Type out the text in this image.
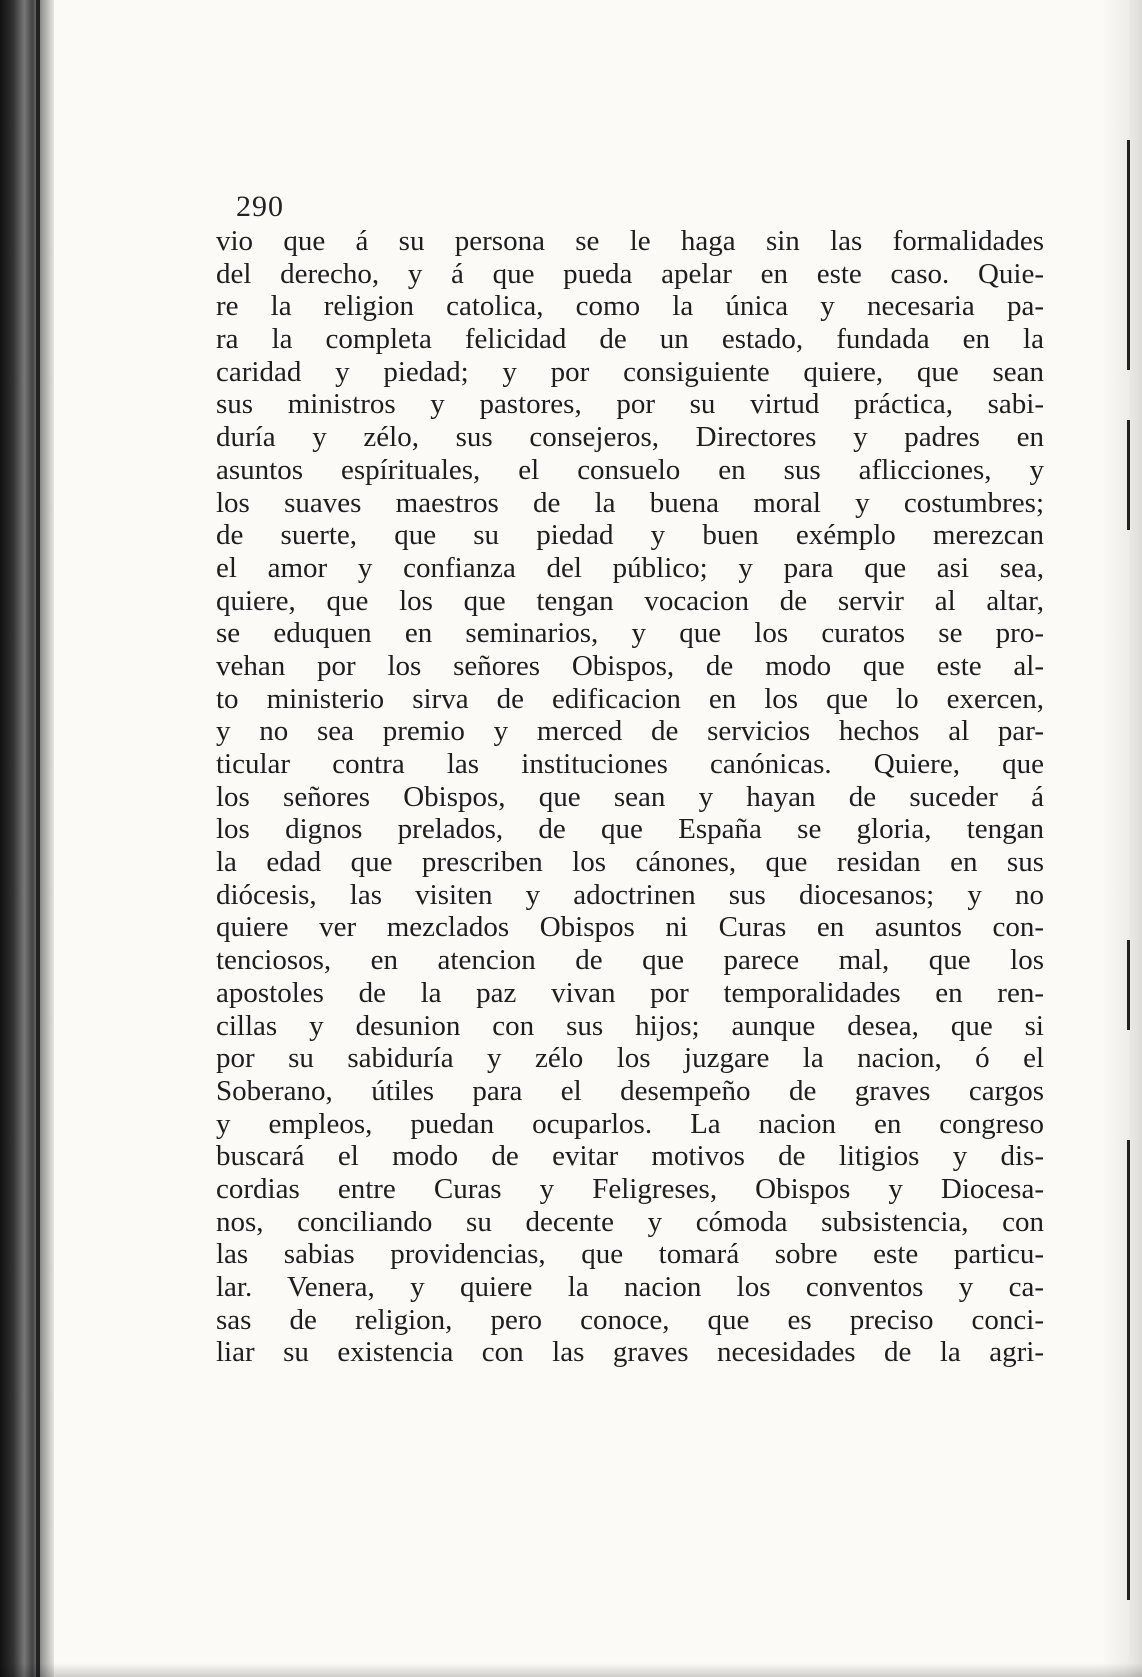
290
vio que á su persona se le haga sin las formalidades
del derecho, y á que pueda apelar en este caso. Quie-
re la religion catolica, como la única y necesaria pa-
ra la completa felicidad de un estado, fundada en la
caridad y piedad; y por consiguiente quiere, que sean
sus ministros y pastores, por su virtud práctica, sabi-
duría y zélo, sus consejeros, Directores y padres en
asuntos espírituales, el consuelo en sus aflicciones, y
los suaves maestros de la buena moral y costumbres;
de suerte, que su piedad y buen exémplo merezcan
el amor y confianza del público; y para que asi sea,
quiere, que los que tengan vocacion de servir al altar,
se eduquen en seminarios, y que los curatos se pro-
vehan por los señores Obispos, de modo que este al-
to ministerio sirva de edificacion en los que lo exercen,
y no sea premio y merced de servicios hechos al par-
ticular contra las instituciones canónicas. Quiere, que
los señores Obispos, que sean y hayan de suceder á
los dignos prelados, de que España se gloria, tengan
la edad que prescriben los cánones, que residan en sus
diócesis, las visiten y adoctrinen sus diocesanos; y no
quiere ver mezclados Obispos ni Curas en asuntos con-
tenciosos, en atencion de que parece mal, que los
apostoles de la paz vivan por temporalidades en ren-
cillas y desunion con sus hijos; aunque desea, que si
por su sabiduría y zélo los juzgare la nacion, ó el
Soberano, útiles para el desempeño de graves cargos
y empleos, puedan ocuparlos. La nacion en congreso
buscará el modo de evitar motivos de litigios y dis-
cordias entre Curas y Feligreses, Obispos y Diocesa-
nos, conciliando su decente y cómoda subsistencia, con
las sabias providencias, que tomará sobre este particu-
lar. Venera, y quiere la nacion los conventos y ca-
sas de religion, pero conoce, que es preciso conci-
liar su existencia con las graves necesidades de la agri-
